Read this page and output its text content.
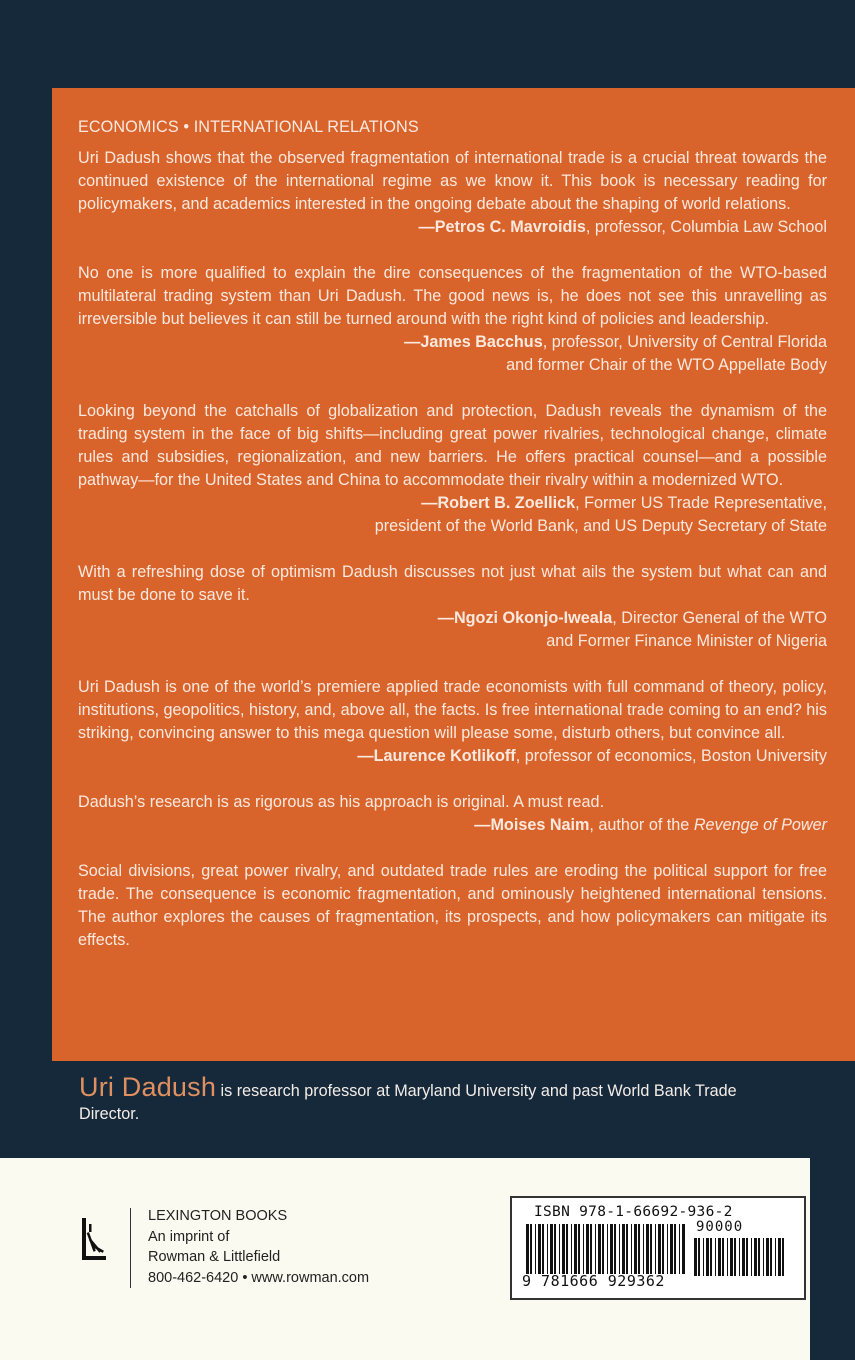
ECONOMICS • INTERNATIONAL RELATIONS

Uri Dadush shows that the observed fragmentation of international trade is a crucial threat towards the continued existence of the international regime as we know it. This book is necessary reading for policymakers, and academics interested in the ongoing debate about the shaping of world relations.

—Petros C. Mavroidis, professor, Columbia Law School

No one is more qualified to explain the dire consequences of the fragmentation of the WTO-based multilateral trading system than Uri Dadush. The good news is, he does not see this unravelling as irreversible but believes it can still be turned around with the right kind of policies and leadership.

—James Bacchus, professor, University of Central Florida

and former Chair of the WTO Appellate Body

Looking beyond the catchalls of globalization and protection, Dadush reveals the dynamism of the trading system in the face of big shifts—including great power rivalries, technological change, climate rules and subsidies, regionalization, and new barriers. He offers practical counsel—and a possible pathway—for the United States and China to accommodate their rivalry within a modernized WTO.

—Robert B. Zoellick, Former US Trade Representative,

president of the World Bank, and US Deputy Secretary of State

With a refreshing dose of optimism Dadush discusses not just what ails the system but what can and must be done to save it.

—Ngozi Okonjo-Iweala, Director General of the WTO

and Former Finance Minister of Nigeria

Uri Dadush is one of the world’s premiere applied trade economists with full command of theory, policy, institutions, geopolitics, history, and, above all, the facts. Is free international trade coming to an end? his striking, convincing answer to this mega question will please some, disturb others, but convince all.

—Laurence Kotlikoff, professor of economics, Boston University

Dadush’s research is as rigorous as his approach is original. A must read.

—Moises Naim, author of the Revenge of Power

Social divisions, great power rivalry, and outdated trade rules are eroding the political support for free trade. The consequence is economic fragmentation, and ominously heightened international tensions. The author explores the causes of fragmentation, its prospects, and how policymakers can mitigate its effects.

Uri Dadush is research professor at Maryland University and past World Bank Trade Director.
LEXINGTON BOOKS
An imprint of
Rowman & Littlefield
800-462-6420 • www.rowman.com
ISBN 978-1-66692-936-2
90000
9 781666 929362
